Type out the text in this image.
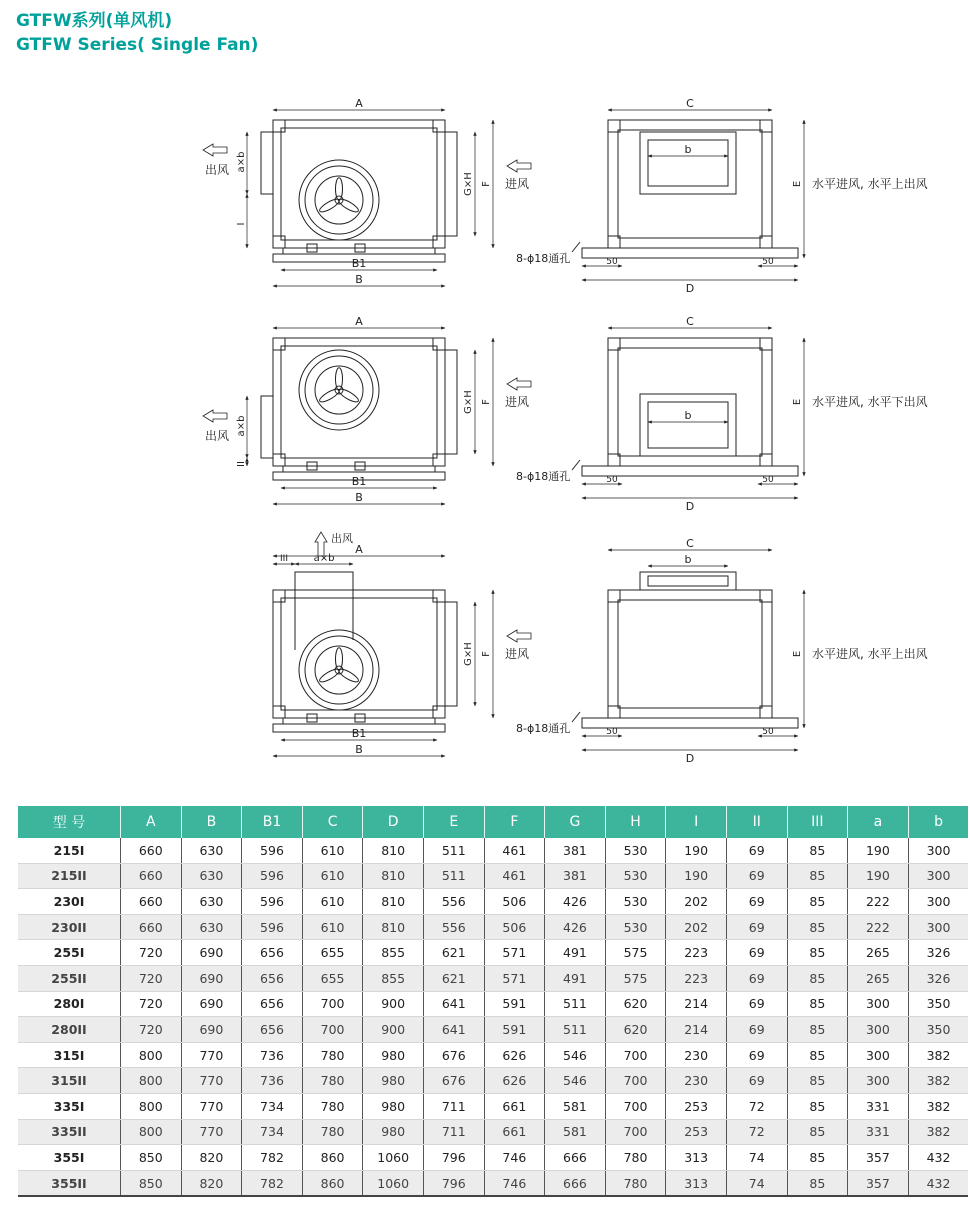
GTFW系列(单风机)
GTFW Series( Single Fan)
A
B1
B
G×H F 进风
出风 a×b
I
b
C
D
50	50
8-ϕ18通孔
E 水平进风, 水平上出风
A
B1
B
G×H F 进风
出风 a×b
II
b
C
D
50	50
8-ϕ18通孔
E 水平进风, 水平下出风
A
B1
B
G×H F 进风
出风
a×b
III	b
C
D
50	50
8-ϕ18通孔
E 水平进风, 水平上出风
型 号	A	B	B1	C	D	E	F	G	H	I	II	III	a	b
215I	660	630	596	610	810	511	461	381	530	190	69	85	190	300
215II	660	630	596	610	810	511	461	381	530	190	69	85	190	300
230I	660	630	596	610	810	556	506	426	530	202	69	85	222	300
230II	660	630	596	610	810	556	506	426	530	202	69	85	222	300
255I	720	690	656	655	855	621	571	491	575	223	69	85	265	326
255II	720	690	656	655	855	621	571	491	575	223	69	85	265	326
280I	720	690	656	700	900	641	591	511	620	214	69	85	300	350
280II	720	690	656	700	900	641	591	511	620	214	69	85	300	350
315I	800	770	736	780	980	676	626	546	700	230	69	85	300	382
315II	800	770	736	780	980	676	626	546	700	230	69	85	300	382
335I	800	770	734	780	980	711	661	581	700	253	72	85	331	382
335II	800	770	734	780	980	711	661	581	700	253	72	85	331	382
355I	850	820	782	860	1060	796	746	666	780	313	74	85	357	432
355II	850	820	782	860	1060	796	746	666	780	313	74	85	357	432
